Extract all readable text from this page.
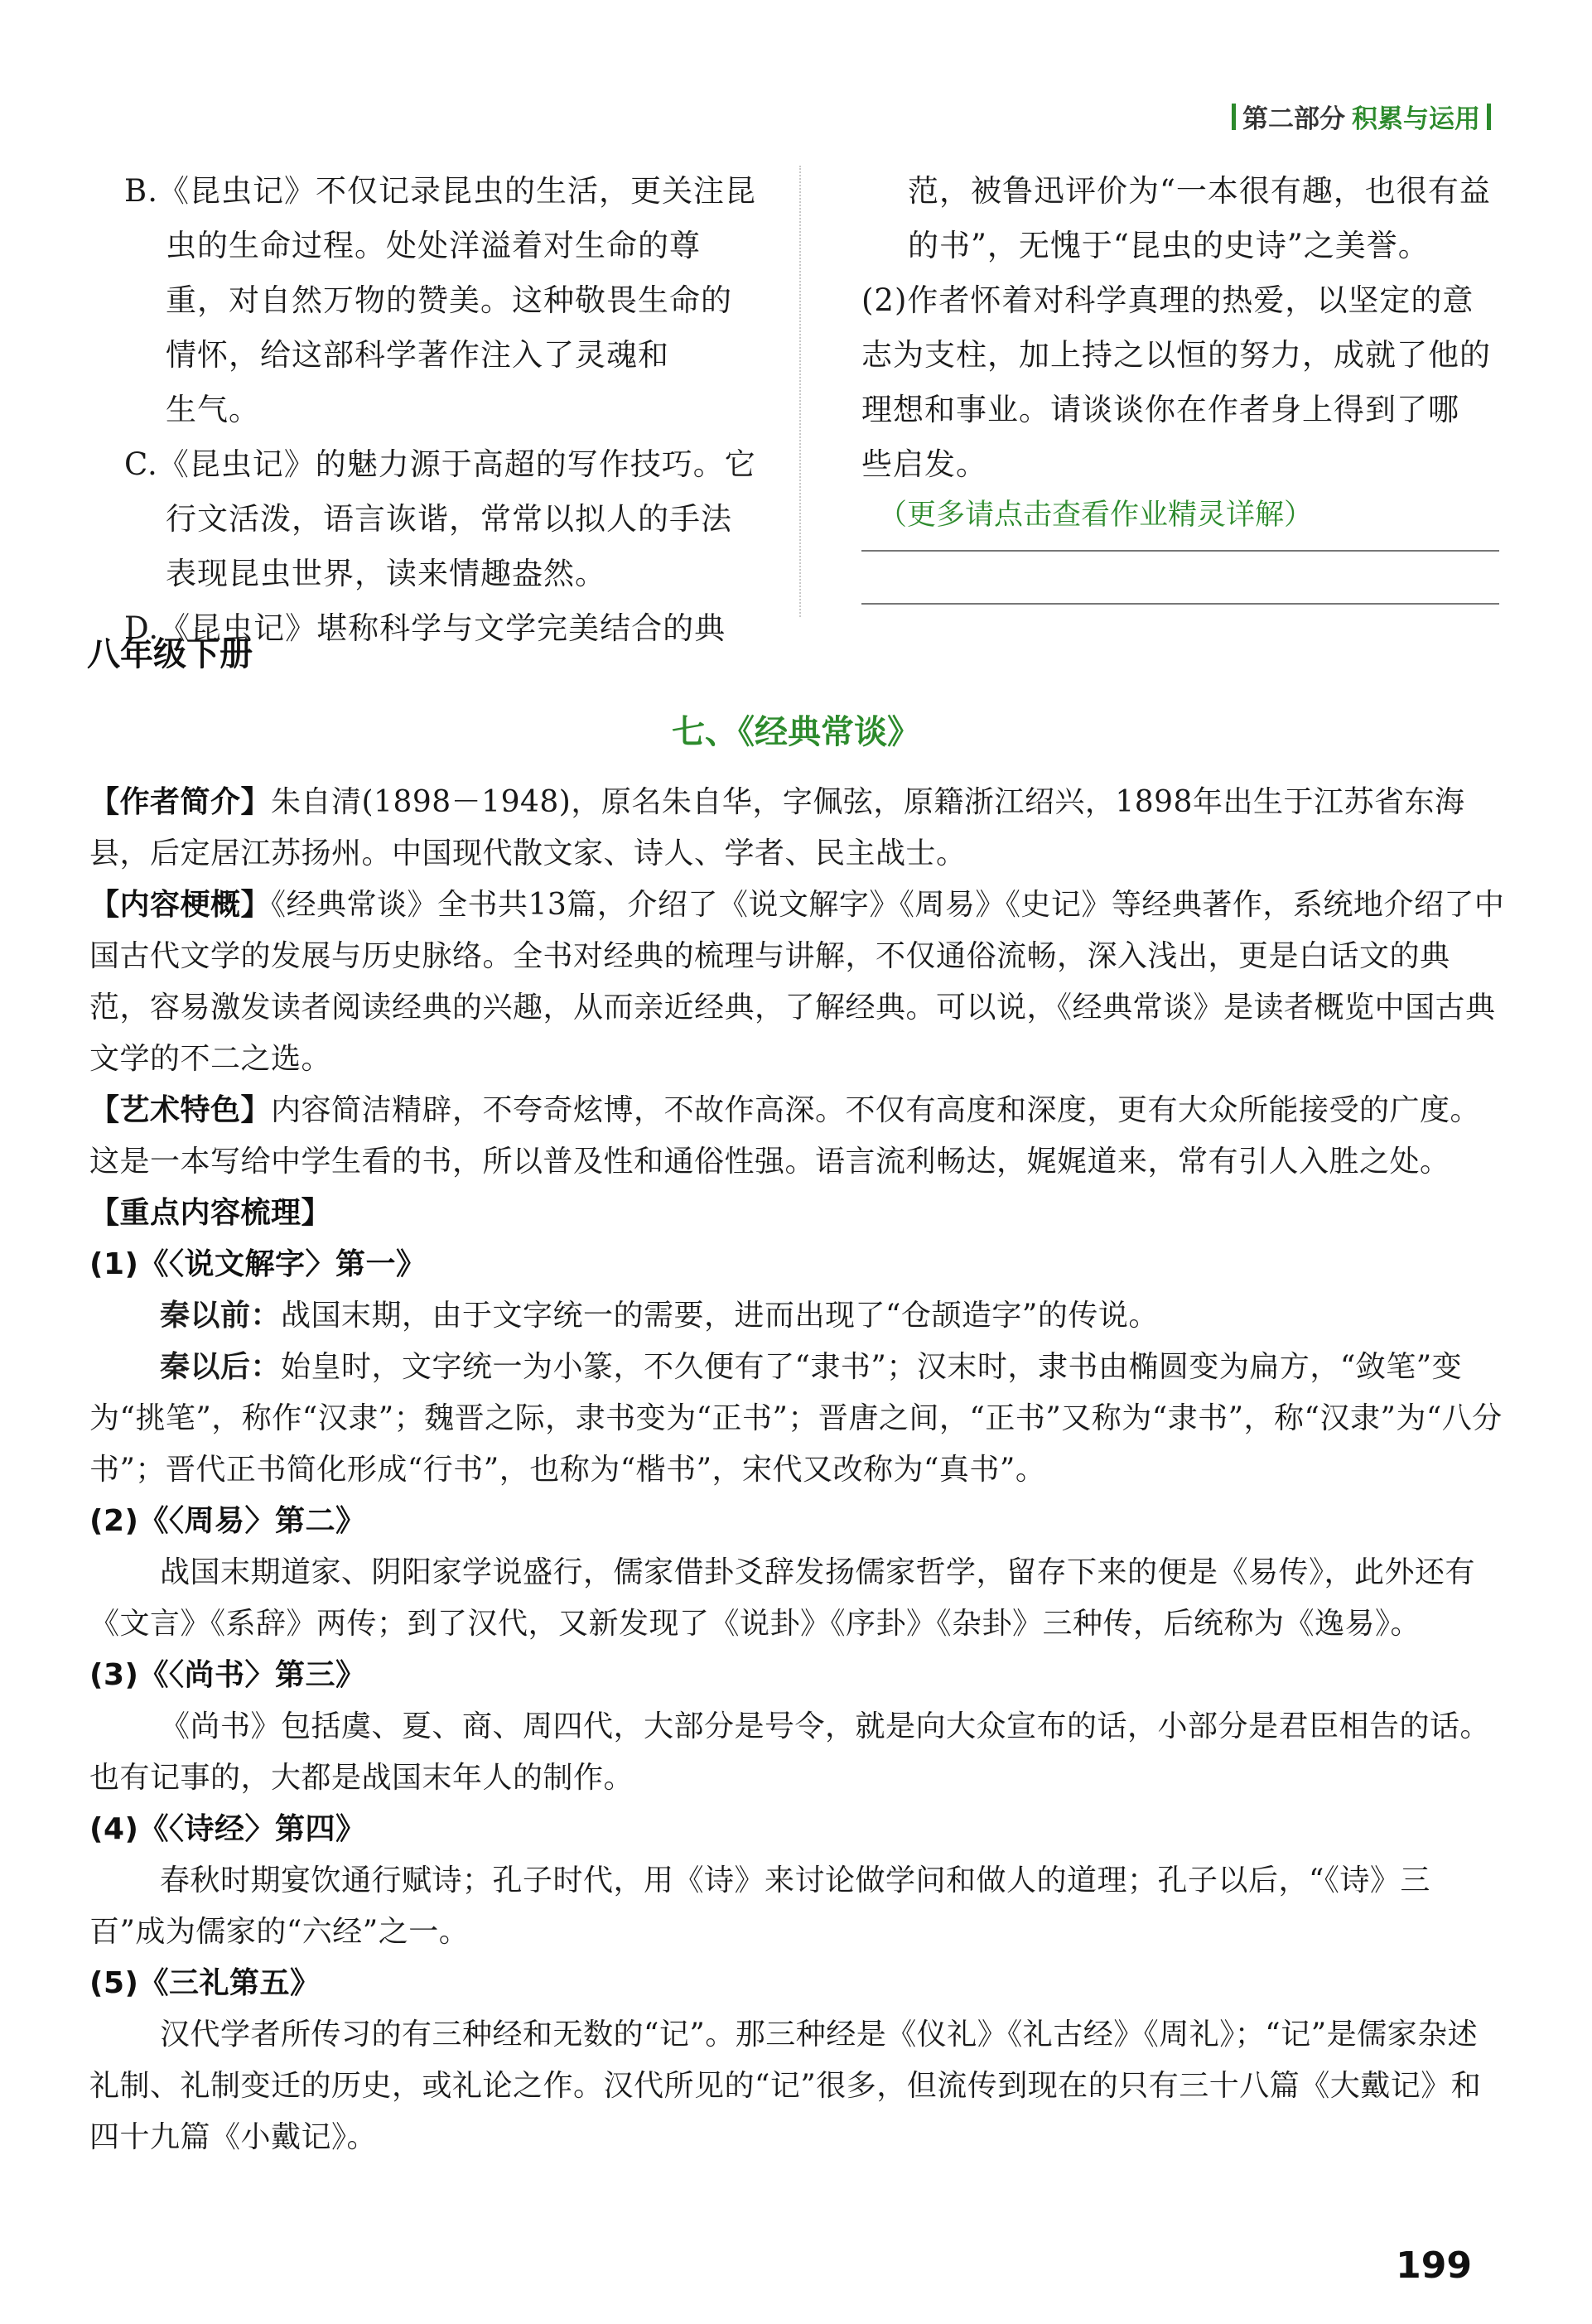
第二部分 积累与运用
B.《昆虫记》不仅记录昆虫的生活，更关注昆
虫的生命过程。处处洋溢着对生命的尊
重，对自然万物的赞美。这种敬畏生命的
情怀，给这部科学著作注入了灵魂和
生气。
C.《昆虫记》的魅力源于高超的写作技巧。它
行文活泼，语言诙谐，常常以拟人的手法
表现昆虫世界，读来情趣盎然。
D.《昆虫记》堪称科学与文学完美结合的典
范，被鲁迅评价为“一本很有趣，也很有益
的书”，无愧于“昆虫的史诗”之美誉。
(2)作者怀着对科学真理的热爱，以坚定的意
志为支柱，加上持之以恒的努力，成就了他的
理想和事业。请谈谈你在作者身上得到了哪
些启发。
（更多请点击查看作业精灵详解）
八年级下册
七、《经典常谈》

【作者简介】朱自清(1898－1948)，原名朱自华，字佩弦，原籍浙江绍兴，1898年出生于江苏省东海县，后定居江苏扬州。中国现代散文家、诗人、学者、民主战士。

【内容梗概】《经典常谈》全书共13篇，介绍了《说文解字》《周易》《史记》等经典著作，系统地介绍了中国古代文学的发展与历史脉络。全书对经典的梳理与讲解，不仅通俗流畅，深入浅出，更是白话文的典范，容易激发读者阅读经典的兴趣，从而亲近经典，了解经典。可以说，《经典常谈》是读者概览中国古典文学的不二之选。

【艺术特色】内容简洁精辟，不夸奇炫博，不故作高深。不仅有高度和深度，更有大众所能接受的广度。这是一本写给中学生看的书，所以普及性和通俗性强。语言流利畅达，娓娓道来，常有引人入胜之处。

【重点内容梳理】

(1)《〈说文解字〉第一》

秦以前：战国末期，由于文字统一的需要，进而出现了“仓颉造字”的传说。

秦以后：始皇时，文字统一为小篆，不久便有了“隶书”；汉末时，隶书由椭圆变为扁方，“敛笔”变为“挑笔”，称作“汉隶”；魏晋之际，隶书变为“正书”；晋唐之间，“正书”又称为“隶书”，称“汉隶”为“八分书”；晋代正书简化形成“行书”，也称为“楷书”，宋代又改称为“真书”。

(2)《〈周易〉第二》

战国末期道家、阴阳家学说盛行，儒家借卦爻辞发扬儒家哲学，留存下来的便是《易传》，此外还有《文言》《系辞》两传；到了汉代，又新发现了《说卦》《序卦》《杂卦》三种传，后统称为《逸易》。

(3)《〈尚书〉第三》

《尚书》包括虞、夏、商、周四代，大部分是号令，就是向大众宣布的话，小部分是君臣相告的话。也有记事的，大都是战国末年人的制作。

(4)《〈诗经〉第四》

春秋时期宴饮通行赋诗；孔子时代，用《诗》来讨论做学问和做人的道理；孔子以后，“《诗》三百”成为儒家的“六经”之一。

(5)《三礼第五》

汉代学者所传习的有三种经和无数的“记”。那三种经是《仪礼》《礼古经》《周礼》；“记”是儒家杂述礼制、礼制变迁的历史，或礼论之作。汉代所见的“记”很多，但流传到现在的只有三十八篇《大戴记》和四十九篇《小戴记》。

199
